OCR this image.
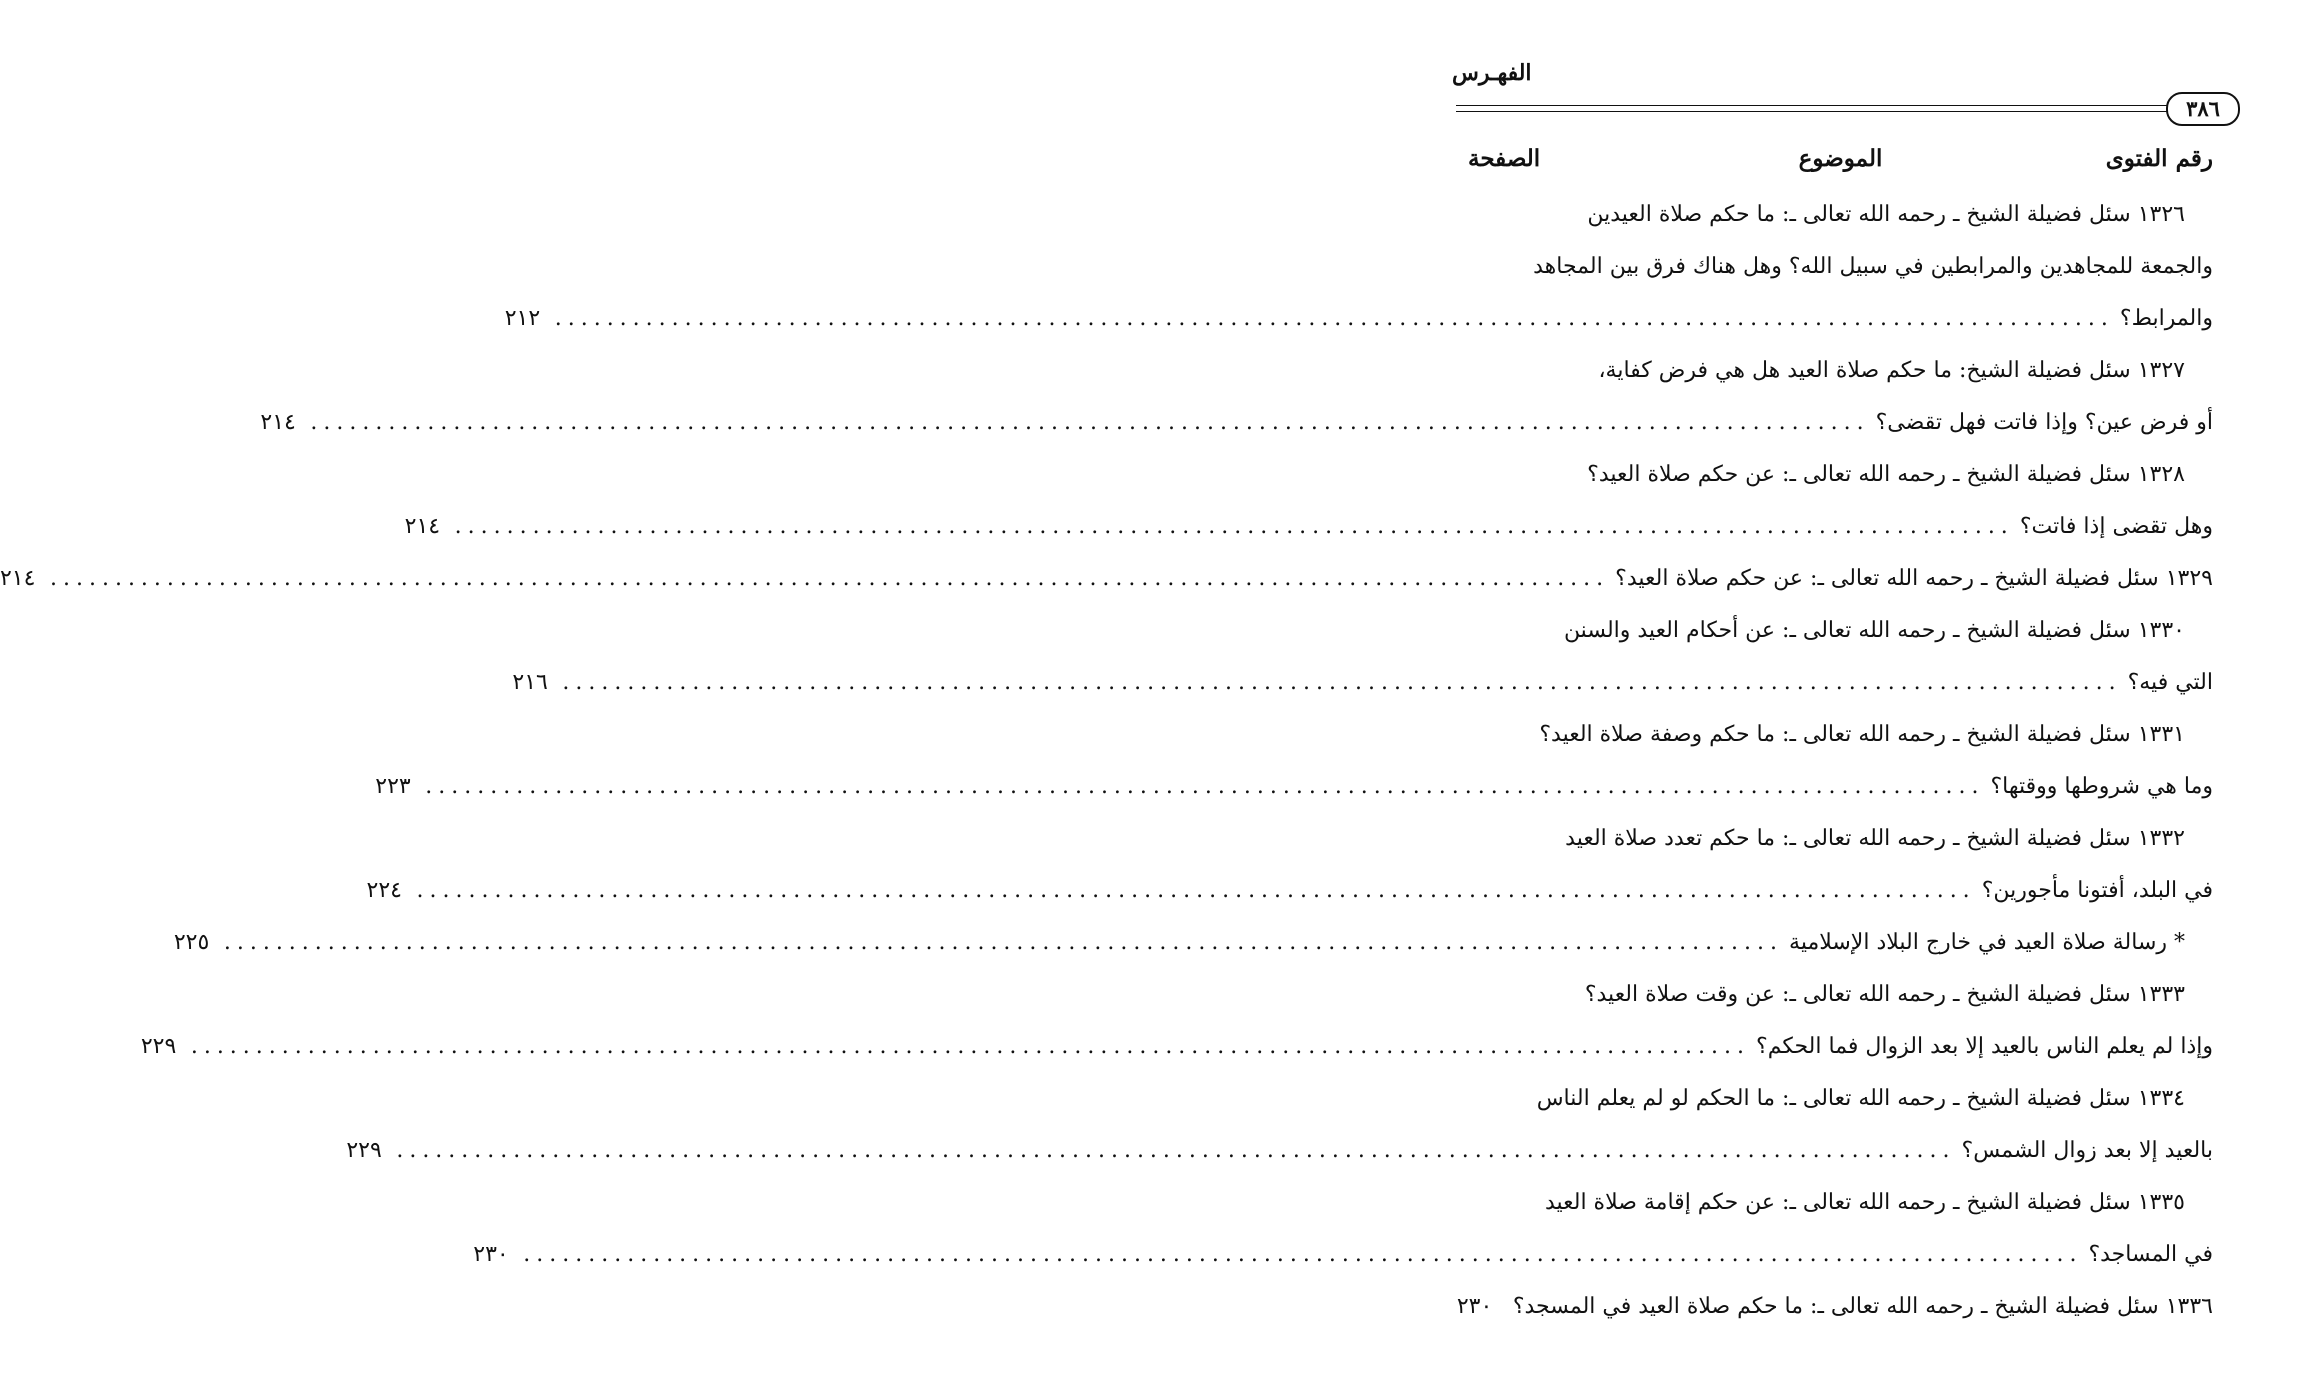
الفهـرس
٣٨٦
رقم الفتوى
الموضوع
الصفحة
١٣٢٦ سئل فضيلة الشيخ ـ رحمه الله تعالى ـ: ما حكم صلاة العيدين
والجمعة للمجاهدين والمرابطين في سبيل الله؟ وهل هناك فرق بين المجاهد
والمرابط؟
........................................................................................................................
٢١٢
١٣٢٧ سئل فضيلة الشيخ: ما حكم صلاة العيد هل هي فرض كفاية،
أو فرض عين؟ وإذا فاتت فهل تقضى؟
........................................................................................................................
٢١٤
١٣٢٨ سئل فضيلة الشيخ ـ رحمه الله تعالى ـ: عن حكم صلاة العيد؟
وهل تقضى إذا فاتت؟
........................................................................................................................
٢١٤
١٣٢٩ سئل فضيلة الشيخ ـ رحمه الله تعالى ـ: عن حكم صلاة العيد؟
........................................................................................................................
٢١٤
١٣٣٠ سئل فضيلة الشيخ ـ رحمه الله تعالى ـ: عن أحكام العيد والسنن
التي فيه؟
........................................................................................................................
٢١٦
١٣٣١ سئل فضيلة الشيخ ـ رحمه الله تعالى ـ: ما حكم وصفة صلاة العيد؟
وما هي شروطها ووقتها؟
........................................................................................................................
٢٢٣
١٣٣٢ سئل فضيلة الشيخ ـ رحمه الله تعالى ـ: ما حكم تعدد صلاة العيد
في البلد، أفتونا مأجورين؟
........................................................................................................................
٢٢٤
* رسالة صلاة العيد في خارج البلاد الإسلامية
........................................................................................................................
٢٢٥
١٣٣٣ سئل فضيلة الشيخ ـ رحمه الله تعالى ـ: عن وقت صلاة العيد؟
وإذا لم يعلم الناس بالعيد إلا بعد الزوال فما الحكم؟
........................................................................................................................
٢٢٩
١٣٣٤ سئل فضيلة الشيخ ـ رحمه الله تعالى ـ: ما الحكم لو لم يعلم الناس
بالعيد إلا بعد زوال الشمس؟
........................................................................................................................
٢٢٩
١٣٣٥ سئل فضيلة الشيخ ـ رحمه الله تعالى ـ: عن حكم إقامة صلاة العيد
في المساجد؟
........................................................................................................................
٢٣٠
١٣٣٦ سئل فضيلة الشيخ ـ رحمه الله تعالى ـ: ما حكم صلاة العيد في المسجد؟
٢٣٠
